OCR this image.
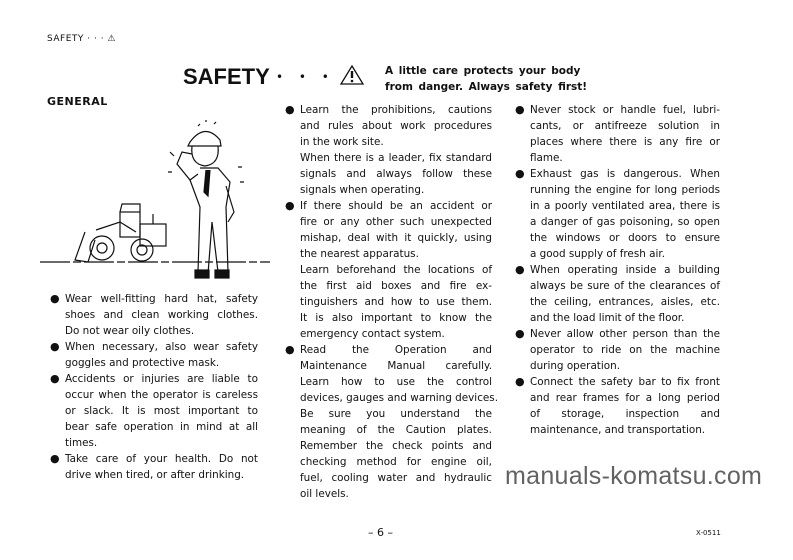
SAFETY · · · ⚠
SAFETY • • •	A little care protects your body
from danger. Always safety first!
GENERAL
● Wear well-fitting hard hat, safety
shoes and clean working clothes.
Do not wear oily clothes.
● When necessary, also wear safety
goggles and protective mask.
● Accidents or injuries are liable to
occur when the operator is careless
or slack. It is most important to
bear safe operation in mind at all
times.
● Take care of your health. Do not
drive when tired, or after drinking.
● Learn the prohibitions, cautions
and rules about work procedures
in the work site.
When there is a leader, fix standard
signals and always follow these
signals when operating.
● If there should be an accident or
fire or any other such unexpected
mishap, deal with it quickly, using
the nearest apparatus.
Learn beforehand the locations of
the first aid boxes and fire ex-
tinguishers and how to use them.
It is also important to know the
emergency contact system.
● Read the Operation and
Maintenance Manual carefully.
Learn how to use the control
devices, gauges and warning devices.
Be sure you understand the
meaning of the Caution plates.
Remember the check points and
checking method for engine oil,
fuel, cooling water and hydraulic
oil levels.
● Never stock or handle fuel, lubri-
cants, or antifreeze solution in
places where there is any fire or
flame.
● Exhaust gas is dangerous. When
running the engine for long periods
in a poorly ventilated area, there is
a danger of gas poisoning, so open
the windows or doors to ensure
a good supply of fresh air.
● When operating inside a building
always be sure of the clearances of
the ceiling, entrances, aisles, etc.
and the load limit of the floor.
● Never allow other person than the
operator to ride on the machine
during operation.
● Connect the safety bar to fix front
and rear frames for a long period
of storage, inspection and
maintenance, and transportation.
manuals-komatsu.com
– 6 –	X-0511
